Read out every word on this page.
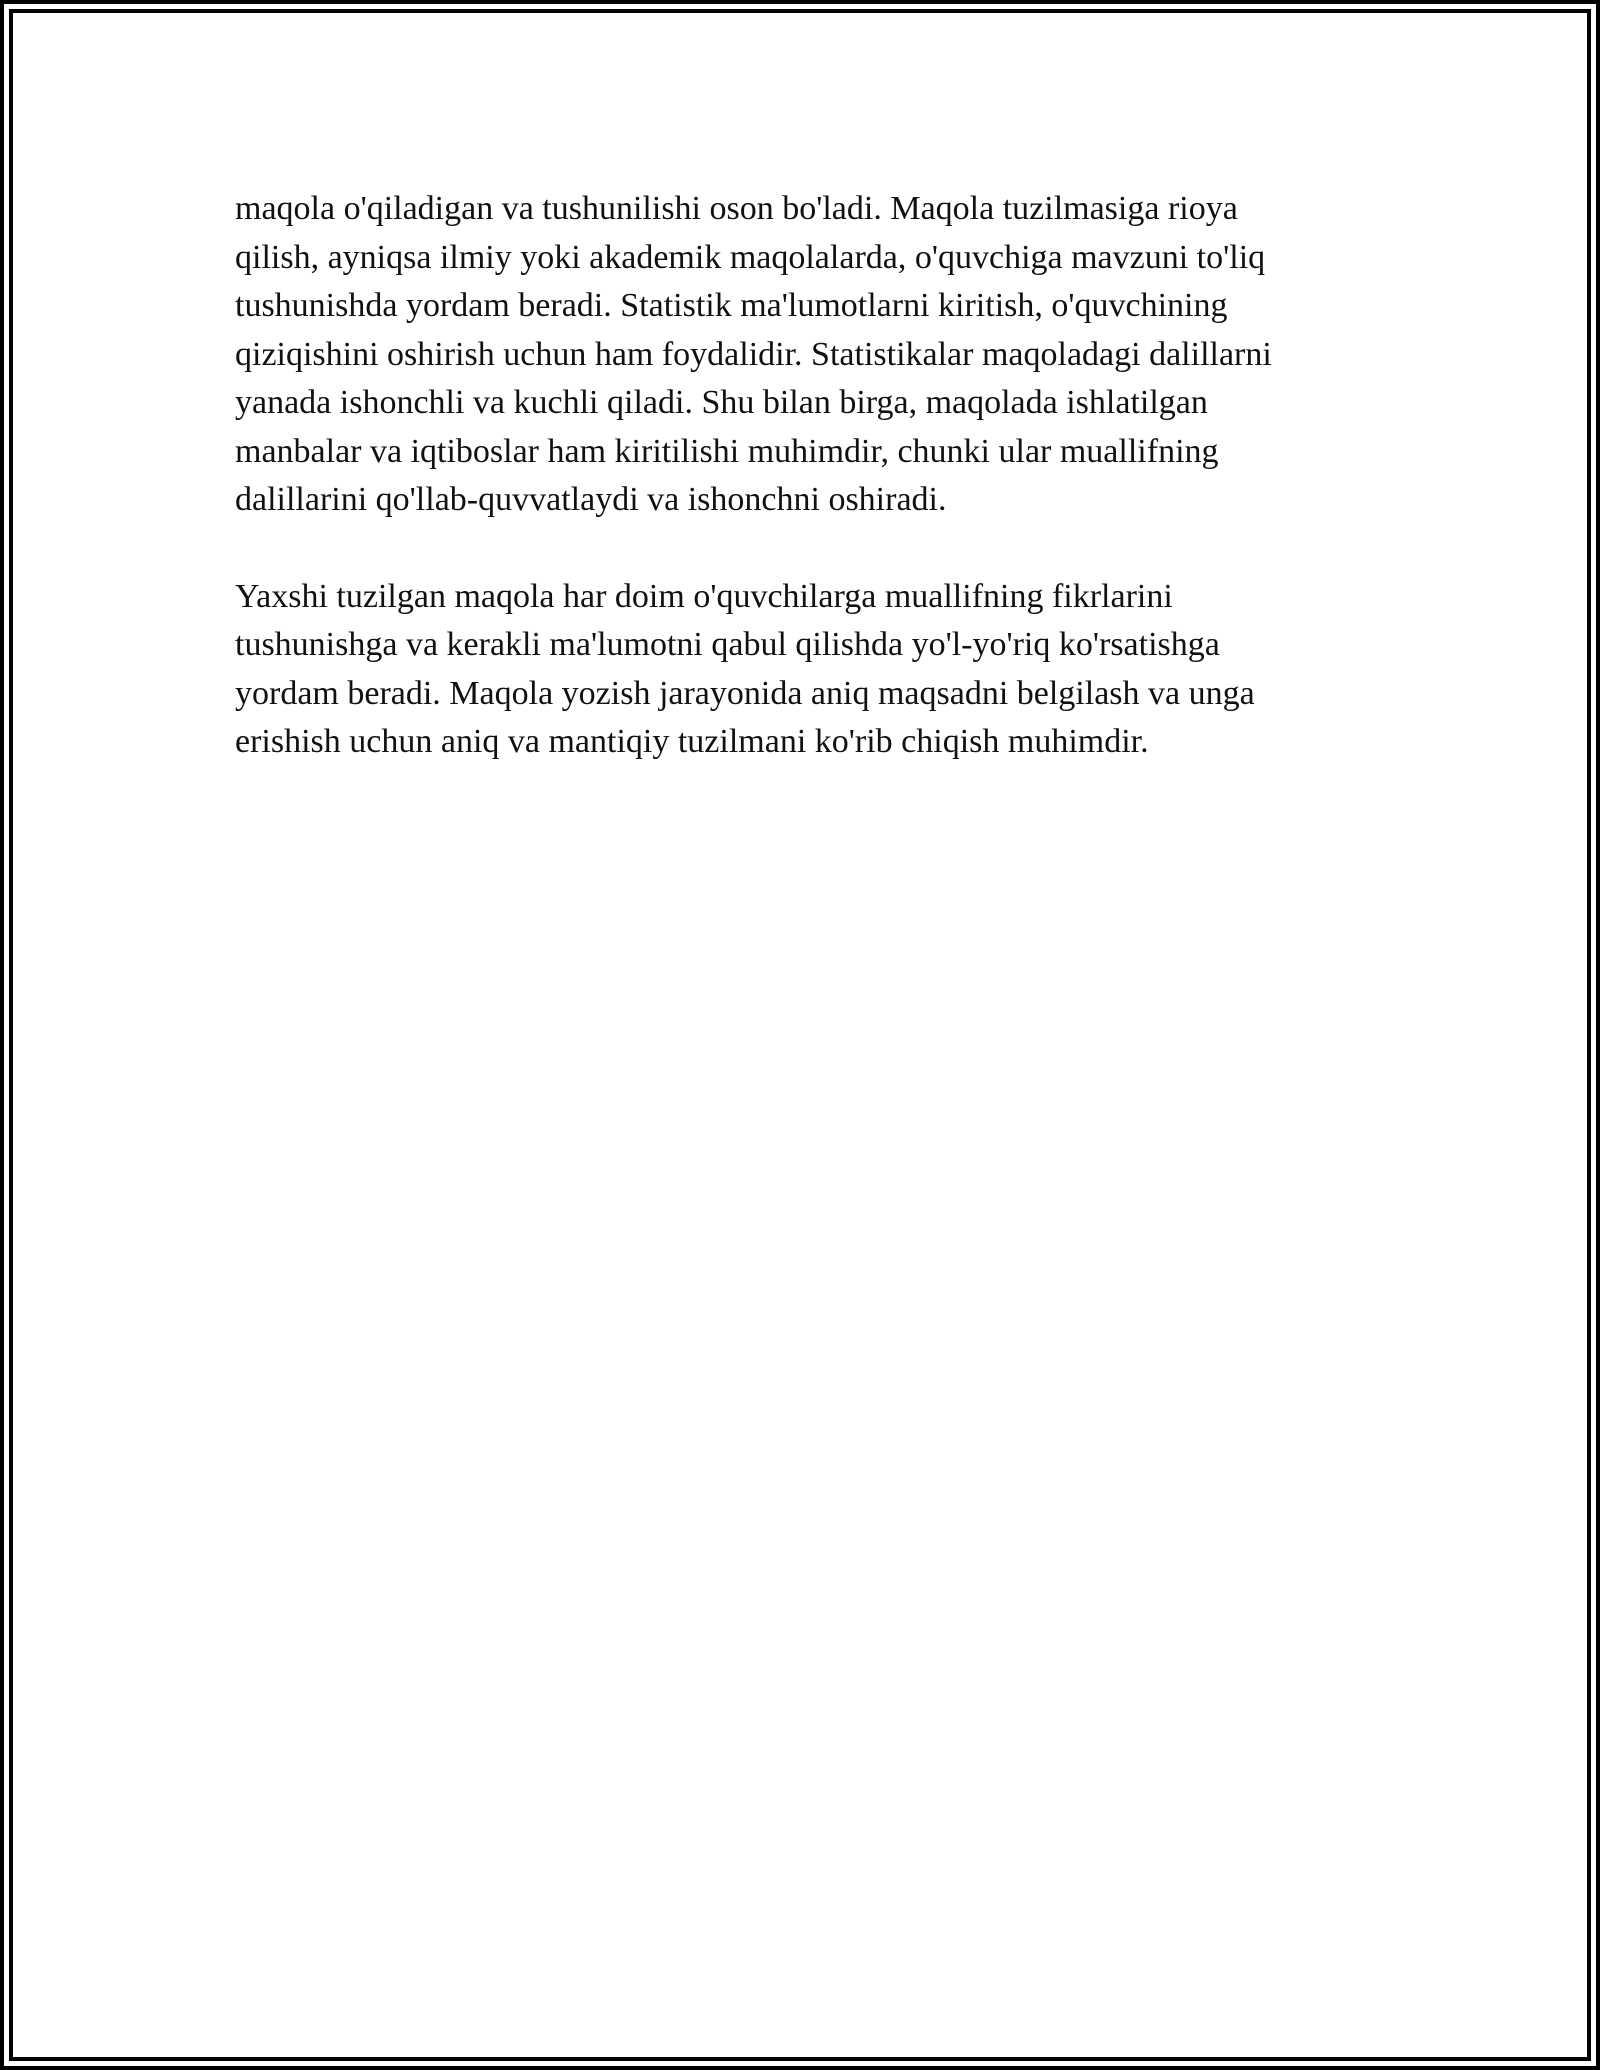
maqola o'qiladigan va tushunilishi oson bo'ladi. Maqola tuzilmasiga rioya
qilish, ayniqsa ilmiy yoki akademik maqolalarda, o'quvchiga mavzuni to'liq
tushunishda yordam beradi. Statistik ma'lumotlarni kiritish, o'quvchining
qiziqishini oshirish uchun ham foydalidir. Statistikalar maqoladagi dalillarni
yanada ishonchli va kuchli qiladi. Shu bilan birga, maqolada ishlatilgan
manbalar va iqtiboslar ham kiritilishi muhimdir, chunki ular muallifning
dalillarini qo'llab-quvvatlaydi va ishonchni oshiradi.

Yaxshi tuzilgan maqola har doim o'quvchilarga muallifning fikrlarini
tushunishga va kerakli ma'lumotni qabul qilishda yo'l-yo'riq ko'rsatishga
yordam beradi. Maqola yozish jarayonida aniq maqsadni belgilash va unga
erishish uchun aniq va mantiqiy tuzilmani ko'rib chiqish muhimdir.
